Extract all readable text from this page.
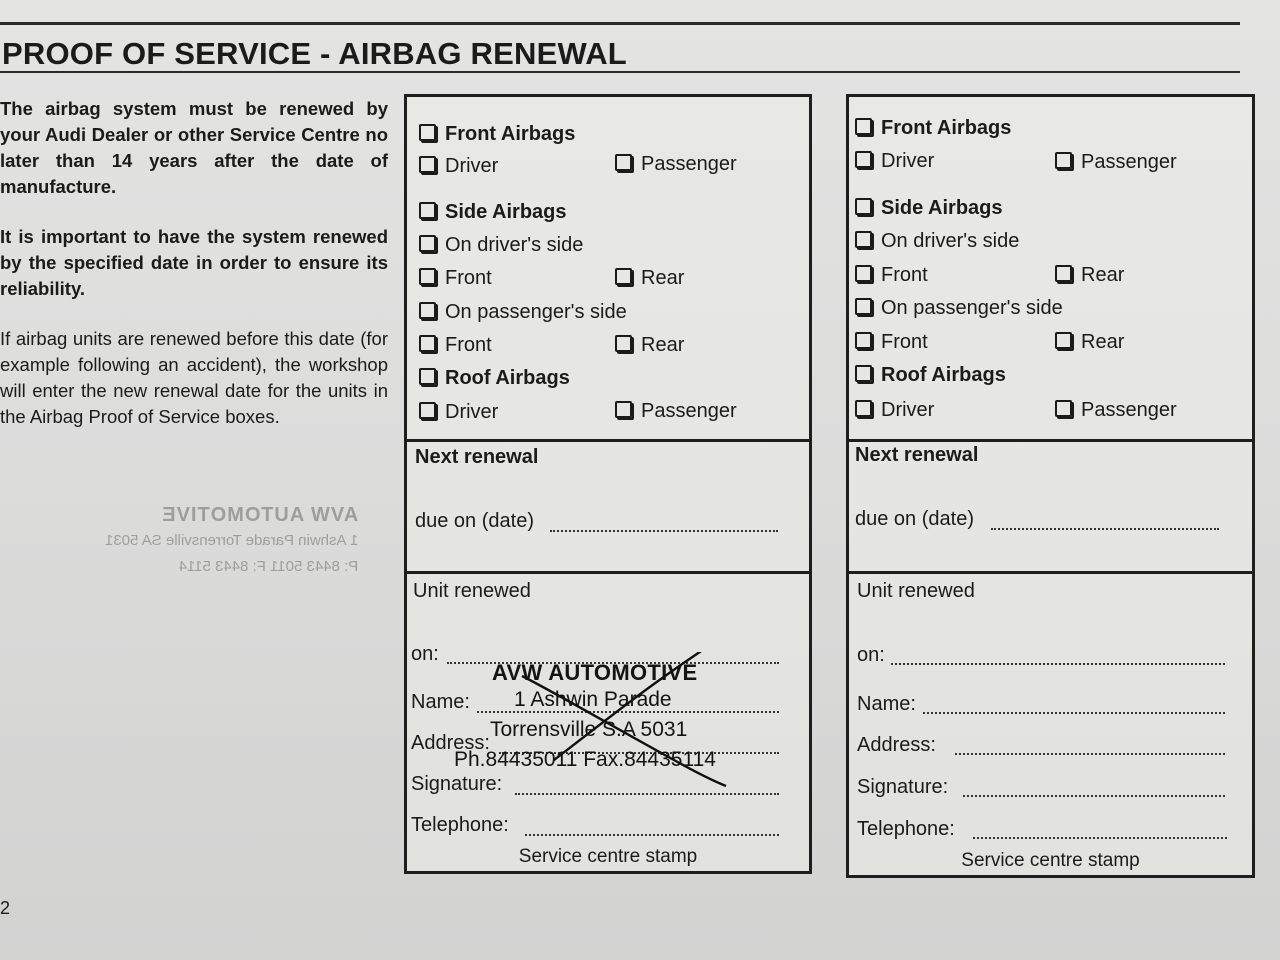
PROOF OF SERVICE - AIRBAG RENEWAL

The airbag system must be renewed by your Audi Dealer or other Service Centre no later than 14 years after the date of manufacture.

It is important to have the system renewed by the specified date in order to ensure its reliability.

If airbag units are renewed before this date (for example following an accident), the workshop will enter the new renewal date for the units in the Airbag Proof of Service boxes.

AVW AUTOMOTIVE
1 Ashwin Parade Torrensville SA 5031
P: 8443 5011 F: 8443 5114
2
Front Airbags
Driver	Passenger
Side Airbags
On driver's side
Front	Rear
On passenger's side
Front	Rear
Roof Airbags
Driver	Passenger
Next renewal
due on (date)
Unit renewed
on:
Name:
Address:
Signature:
Telephone:
Service centre stamp
AVW AUTOMOTIVE
1 Ashwin Parade
Torrensville S.A 5031
Ph.84435011 Fax.84435114
Front Airbags
Driver	Passenger
Side Airbags
On driver's side
Front	Rear
On passenger's side
Front	Rear
Roof Airbags
Driver	Passenger
Next renewal
due on (date)
Unit renewed
on:
Name:
Address:
Signature:
Telephone:
Service centre stamp
